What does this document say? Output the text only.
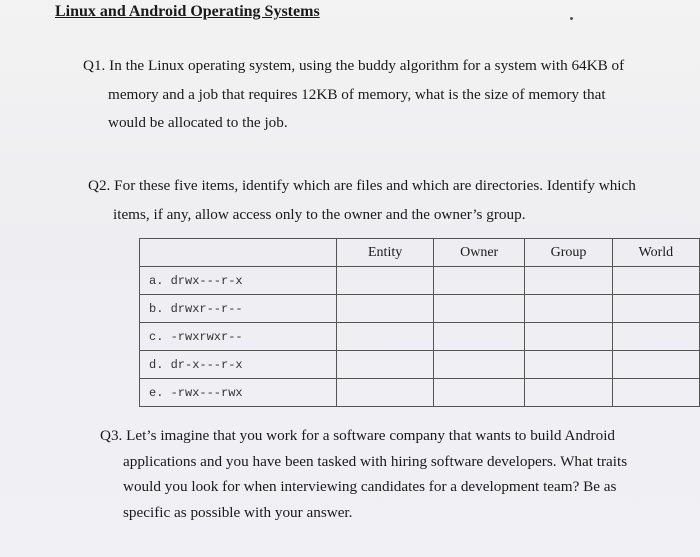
Linux and Android Operating Systems

Q1. In the Linux operating system, using the buddy algorithm for a system with 64KB of
memory and a job that requires 12KB of memory, what is the size of memory that
would be allocated to the job.

Q2. For these five items, identify which are files and which are directories. Identify which
items, if any, allow access only to the owner and the owner’s group.

	Entity	Owner	Group	World
a. drwx---r-x				
b. drwxr--r--				
c. -rwxrwxr--				
d. dr-x---r-x				
e. -rwx---rwx				

Q3. Let’s imagine that you work for a software company that wants to build Android
applications and you have been tasked with hiring software developers. What traits
would you look for when interviewing candidates for a development team? Be as
specific as possible with your answer.
